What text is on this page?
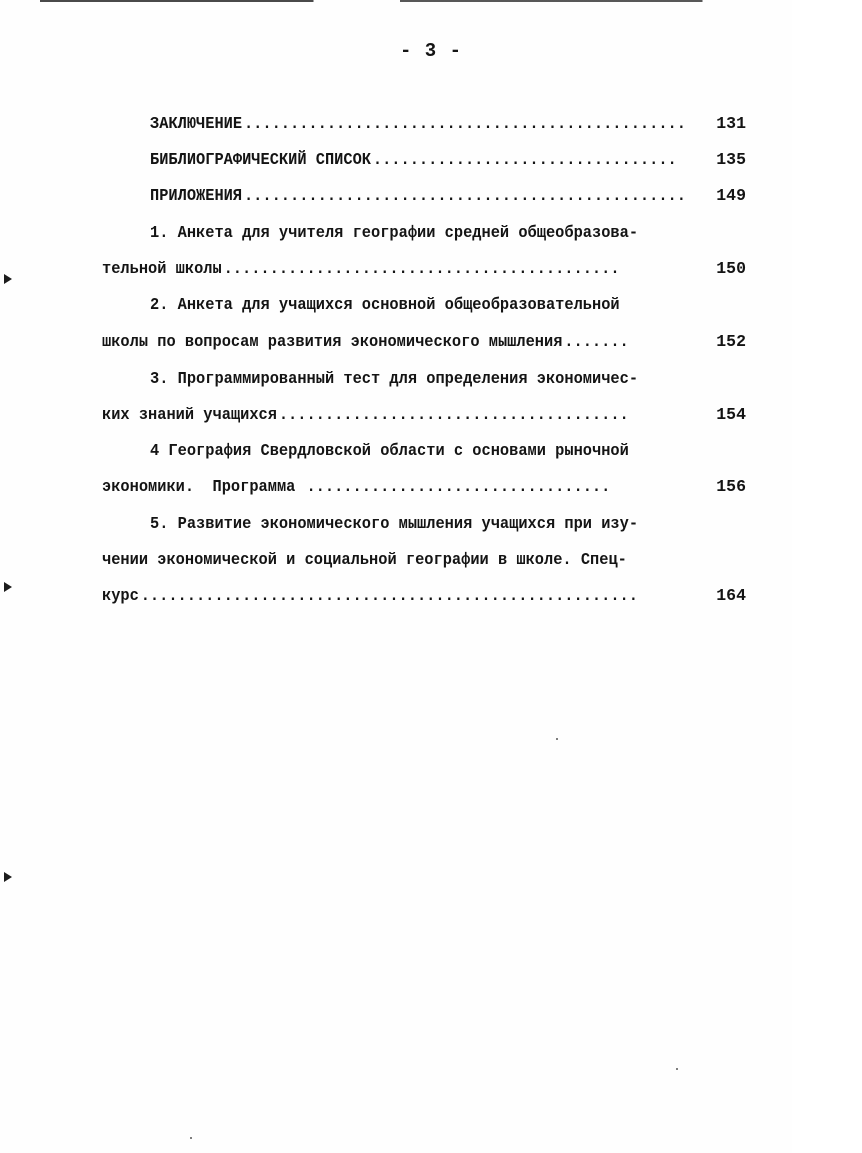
- 3 -
ЗАКЛЮЧЕНИЕ ................................................	131
БИБЛИОГРАФИЧЕСКИЙ СПИСОК .................................	135
ПРИЛОЖЕНИЯ ................................................	149
1. Анкета для учителя географии средней общеобразова-
тельной школы ...........................................	150
2. Анкета для учащихся основной общеобразовательной
школы по вопросам развития экономического мышления .......	152
3. Программированный тест для определения экономичес-
ких знаний учащихся ......................................	154
4 География Свердловской области с основами рыночной
экономики.  Программа .................................	156
5. Развитие экономического мышления учащихся при изу-
чении экономической и социальной географии в школе. Спец-
курс ......................................................	164
